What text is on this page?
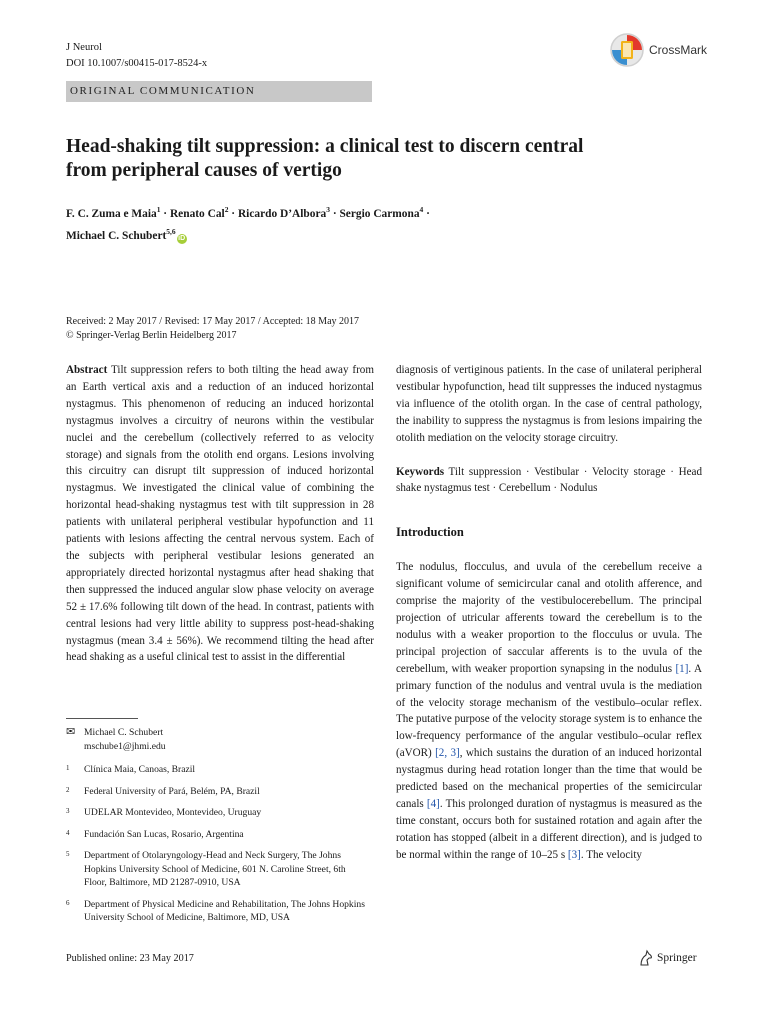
J Neurol
DOI 10.1007/s00415-017-8524-x
CrossMark
ORIGINAL COMMUNICATION
Head-shaking tilt suppression: a clinical test to discern central
from peripheral causes of vertigo
F. C. Zuma e Maia$^1$ · Renato Cal$^2$ · Ricardo D’Albora$^3$ · Sergio Carmona$^4$ ·
Michael C. Schubert$^{5,6}$iD
Received: 2 May 2017 / Revised: 17 May 2017 / Accepted: 18 May 2017
© Springer-Verlag Berlin Heidelberg 2017

Abstract Tilt suppression refers to both tilting the head away from an Earth vertical axis and a reduction of an induced horizontal nystagmus. This phenomenon of reducing an induced horizontal nystagmus involves a circuitry of neurons within the vestibular nuclei and the cerebellum (collectively referred to as velocity storage) and signals from the otolith end organs. Lesions involving this circuitry can disrupt tilt suppression of induced horizontal nystagmus. We investigated the clinical value of combining the horizontal head-shaking nystagmus test with tilt suppression in 28 patients with unilateral peripheral vestibular hypofunction and 11 patients with lesions affecting the central nervous system. Each of the subjects with peripheral vestibular lesions generated an appropriately directed horizontal nystagmus after head shaking that then suppressed the induced angular slow phase velocity on average 52 ± 17.6% following tilt down of the head. In contrast, patients with central lesions had very little ability to suppress post-head-shaking nystagmus (mean 3.4 ± 56%). We recommend tilting the head after head shaking as a useful clinical test to assist in the differential

diagnosis of vertiginous patients. In the case of unilateral peripheral vestibular hypofunction, head tilt suppresses the induced nystagmus via influence of the otolith organ. In the case of central pathology, the inability to suppress the nystagmus is from lesions impairing the otolith mediation on the velocity storage circuitry.

Keywords Tilt suppression · Vestibular · Velocity storage · Head shake nystagmus test · Cerebellum · Nodulus

Introduction

The nodulus, flocculus, and uvula of the cerebellum receive a significant volume of semicircular canal and otolith afference, and comprise the majority of the vestibulocerebellum. The principal projection of utricular afferents toward the cerebellum is to the nodulus with a weaker proportion to the flocculus or uvula. The principal projection of saccular afferents is to the uvula of the cerebellum, with weaker proportion synapsing in the nodulus [1]. A primary function of the nodulus and ventral uvula is the mediation of the velocity storage mechanism of the vestibulo–ocular reflex. The putative purpose of the velocity storage system is to enhance the low-frequency performance of the angular vestibulo–ocular reflex (aVOR) [2, 3], which sustains the duration of an induced horizontal nystagmus during head rotation longer than the time that would be predicted based on the mechanical properties of the semicircular canals [4]. This prolonged duration of nystagmus is measured as the time constant, occurs both for sustained rotation and again after the rotation has stopped (albeit in a different direction), and is judged to be normal within the range of 10–25 s [3]. The velocity

✉ Michael C. Schubert
mschube1@jhmi.edu
1	Clínica Maia, Canoas, Brazil
2	Federal University of Pará, Belém, PA, Brazil
3	UDELAR Montevideo, Montevideo, Uruguay
4	Fundación San Lucas, Rosario, Argentina
5	Department of Otolaryngology-Head and Neck Surgery, The Johns Hopkins University School of Medicine, 601 N. Caroline Street, 6th Floor, Baltimore, MD 21287-0910, USA
6	Department of Physical Medicine and Rehabilitation, The Johns Hopkins University School of Medicine, Baltimore, MD, USA
Published online: 23 May 2017	Springer
